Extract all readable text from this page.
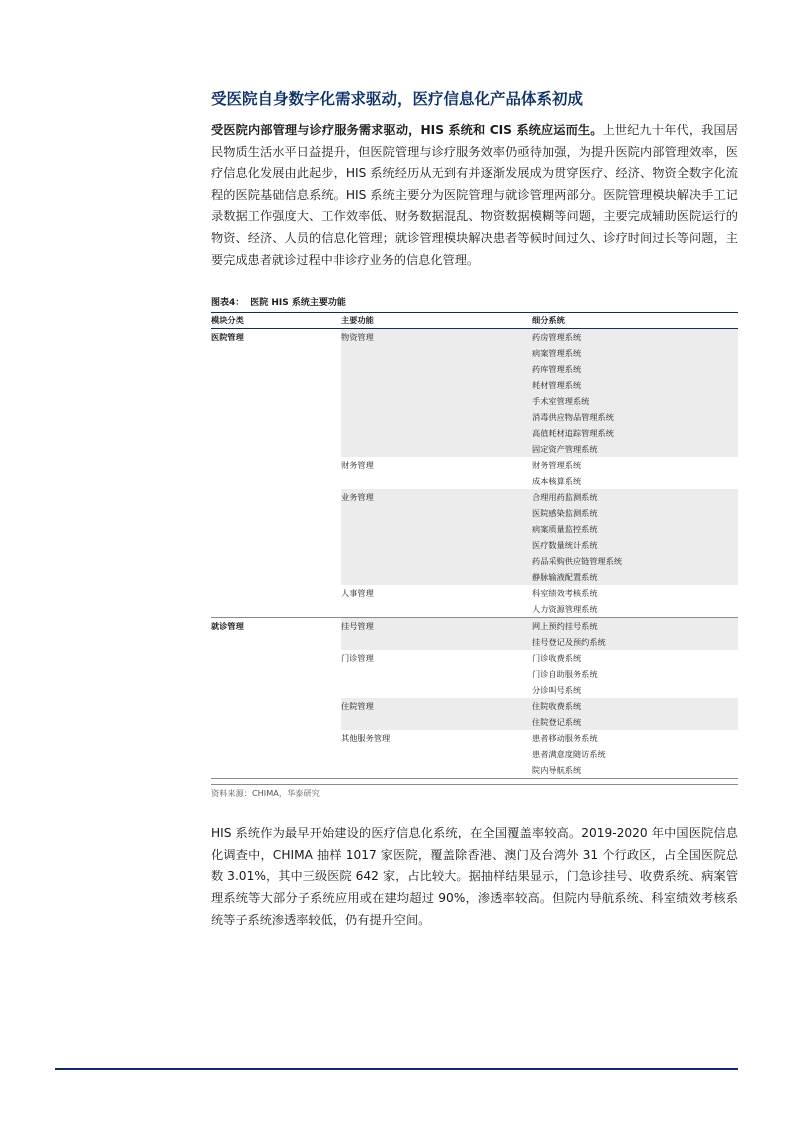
受医院自身数字化需求驱动，医疗信息化产品体系初成

受医院内部管理与诊疗服务需求驱动，HIS 系统和 CIS 系统应运而生。上世纪九十年代，我国居民物质生活水平日益提升，但医院管理与诊疗服务效率仍亟待加强，为提升医院内部管理效率，医疗信息化发展由此起步，HIS 系统经历从无到有并逐渐发展成为贯穿医疗、经济、物资全数字化流程的医院基础信息系统。HIS 系统主要分为医院管理与就诊管理两部分。医院管理模块解决手工记录数据工作强度大、工作效率低、财务数据混乱、物资数据模糊等问题，主要完成辅助医院运行的物资、经济、人员的信息化管理；就诊管理模块解决患者等候时间过久、诊疗时间过长等问题，主要完成患者就诊过程中非诊疗业务的信息化管理。

图表4： 医院 HIS 系统主要功能
模块分类	主要功能	细分系统
医院管理	物资管理	药房管理系统
		病案管理系统
		药库管理系统
		耗材管理系统
		手术室管理系统
		消毒供应物品管理系统
		高值耗材追踪管理系统
		固定资产管理系统
	财务管理	财务管理系统
		成本核算系统
	业务管理	合理用药监测系统
		医院感染监测系统
		病案质量监控系统
		医疗数量统计系统
		药品采购供应链管理系统
		静脉输液配置系统
	人事管理	科室绩效考核系统
		人力资源管理系统
就诊管理	挂号管理	网上预约挂号系统
		挂号登记及预约系统
	门诊管理	门诊收费系统
		门诊自助服务系统
		分诊叫号系统
	住院管理	住院收费系统
		住院登记系统
	其他服务管理	患者移动服务系统
		患者满意度随访系统
		院内导航系统
资料来源：CHIMA，华泰研究

HIS 系统作为最早开始建设的医疗信息化系统，在全国覆盖率较高。2019-2020 年中国医院信息化调查中，CHIMA 抽样 1017 家医院，覆盖除香港、澳门及台湾外 31 个行政区，占全国医院总数 3.01%，其中三级医院 642 家，占比较大。据抽样结果显示，门急诊挂号、收费系统、病案管理系统等大部分子系统应用或在建均超过 90%，渗透率较高。但院内导航系统、科室绩效考核系统等子系统渗透率较低，仍有提升空间。
